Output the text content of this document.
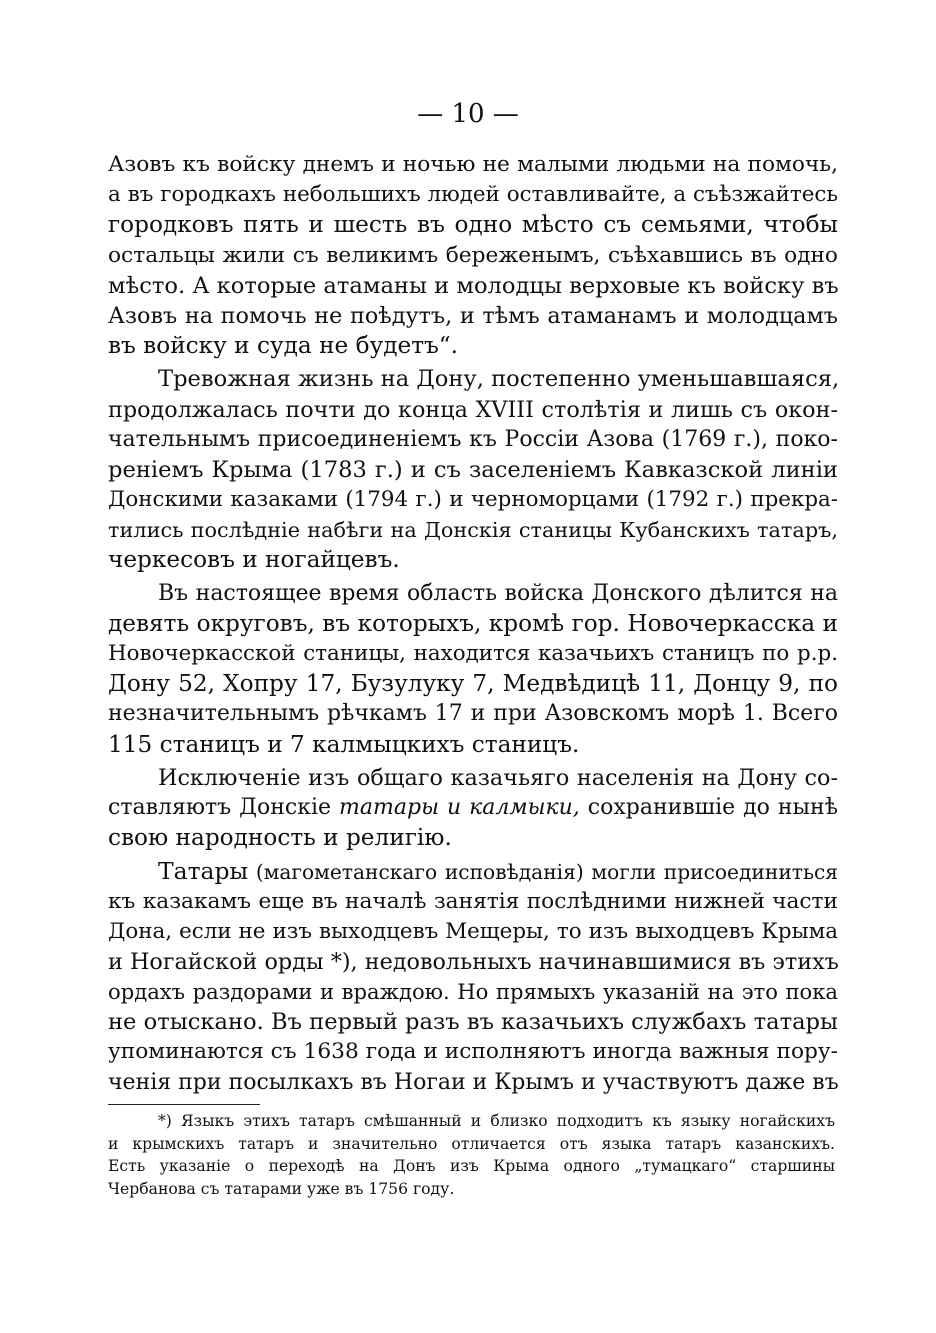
— 10 —
Азовъ къ войску днемъ и ночью не малыми людьми на помочь,
а въ городкахъ небольшихъ людей оставливайте, а съѣзжайтесь
городковъ пять и шесть въ одно мѣсто съ семьями, чтобы
остальцы жили съ великимъ береженымъ, съѣхавшись въ одно
мѣсто. А которые атаманы и молодцы верховые къ войску въ
Азовъ на помочь не поѣдутъ, и тѣмъ атаманамъ и молодцамъ
въ войску и суда не будетъ“.
Тревожная жизнь на Дону, постепенно уменьшавшаяся,
продолжалась почти до конца XVIII столѣтія и лишь съ окон-
чательнымъ присоединеніемъ къ Россіи Азова (1769 г.), поко-
реніемъ Крыма (1783 г.) и съ заселеніемъ Кавказской линіи
Донскими казаками (1794 г.) и черноморцами (1792 г.) прекра-
тились послѣдніе набѣги на Донскія станицы Кубанскихъ татаръ,
черкесовъ и ногайцевъ.
Въ настоящее время область войска Донского дѣлится на
девять округовъ, въ которыхъ, кромѣ гор. Новочеркасска и
Новочеркасской станицы, находится казачьихъ станицъ по р.р.
Дону 52, Хопру 17, Бузулуку 7, Медвѣдицѣ 11, Донцу 9, по
незначительнымъ рѣчкамъ 17 и при Азовскомъ морѣ 1. Всего
115 станицъ и 7 калмыцкихъ станицъ.
Исключеніе изъ общаго казачьяго населенія на Дону со-
ставляютъ Донскіе татары и калмыки, сохранившіе до нынѣ
свою народность и религію.
Татары (магометанскаго исповѣданія) могли присоединиться
къ казакамъ еще въ началѣ занятія послѣдними нижней части
Дона, если не изъ выходцевъ Мещеры, то изъ выходцевъ Крыма
и Ногайской орды *), недовольныхъ начинавшимися въ этихъ
ордахъ раздорами и враждою. Но прямыхъ указаній на это пока
не отыскано. Въ первый разъ въ казачьихъ службахъ татары
упоминаются съ 1638 года и исполняютъ иногда важныя пору-
ченія при посылкахъ въ Ногаи и Крымъ и участвуютъ даже въ
*) Языкъ этихъ татаръ смѣшанный и близко подходитъ къ языку ногайскихъ
и крымскихъ татаръ и значительно отличается отъ языка татаръ казанскихъ.
Есть указаніе о переходѣ на Донъ изъ Крыма одного „тумацкаго“ старшины
Чербанова съ татарами уже въ 1756 году.
